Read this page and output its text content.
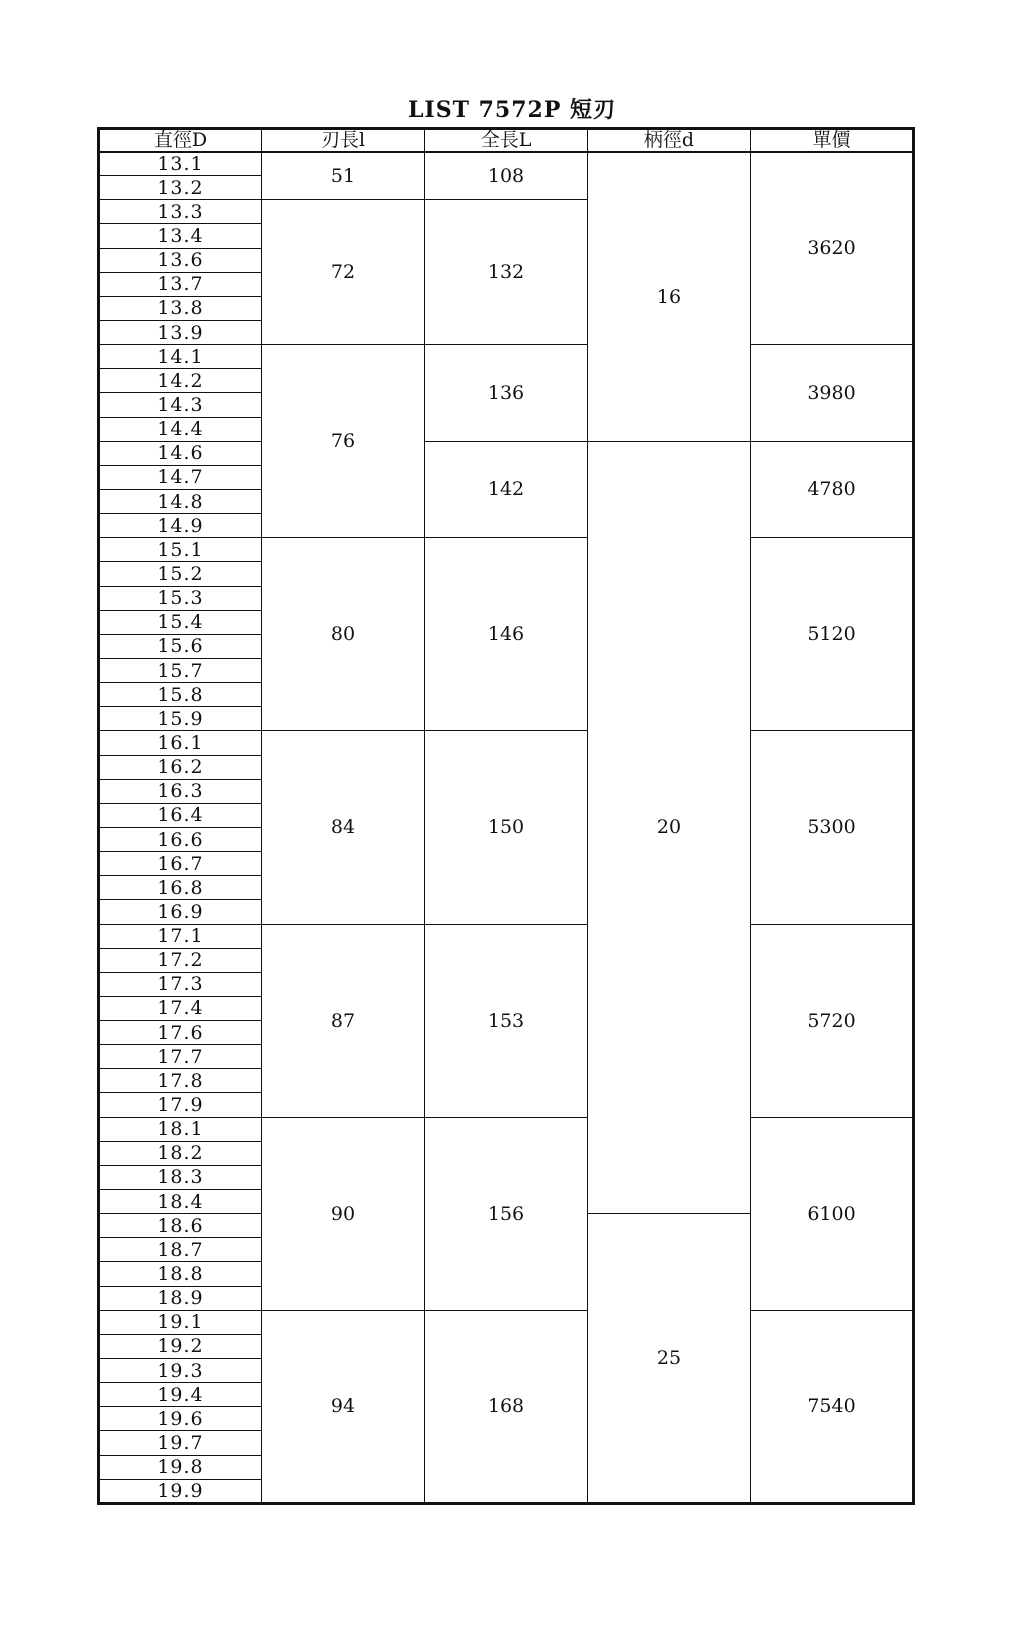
LIST 7572P 短刃
直徑D	刃長l	全長L	柄徑d	單價
13.1	51	108	16	3620
13.2				
13.3	72	132		
13.4				
13.6				
13.7				
13.8				
13.9				
14.1	76	136		3980
14.2				
14.3				
14.4				
14.6		142	20	4780
14.7				
14.8				
14.9				
15.1	80	146		5120
15.2				
15.3				
15.4				
15.6				
15.7				
15.8				
15.9				
16.1	84	150		5300
16.2				
16.3				
16.4				
16.6				
16.7				
16.8				
16.9				
17.1	87	153		5720
17.2				
17.3				
17.4				
17.6				
17.7				
17.8				
17.9				
18.1	90	156		6100
18.2				
18.3				
18.4				
18.6			25	
18.7				
18.8				
18.9				
19.1	94	168		7540
19.2				
19.3				
19.4				
19.6				
19.7				
19.8				
19.9				
